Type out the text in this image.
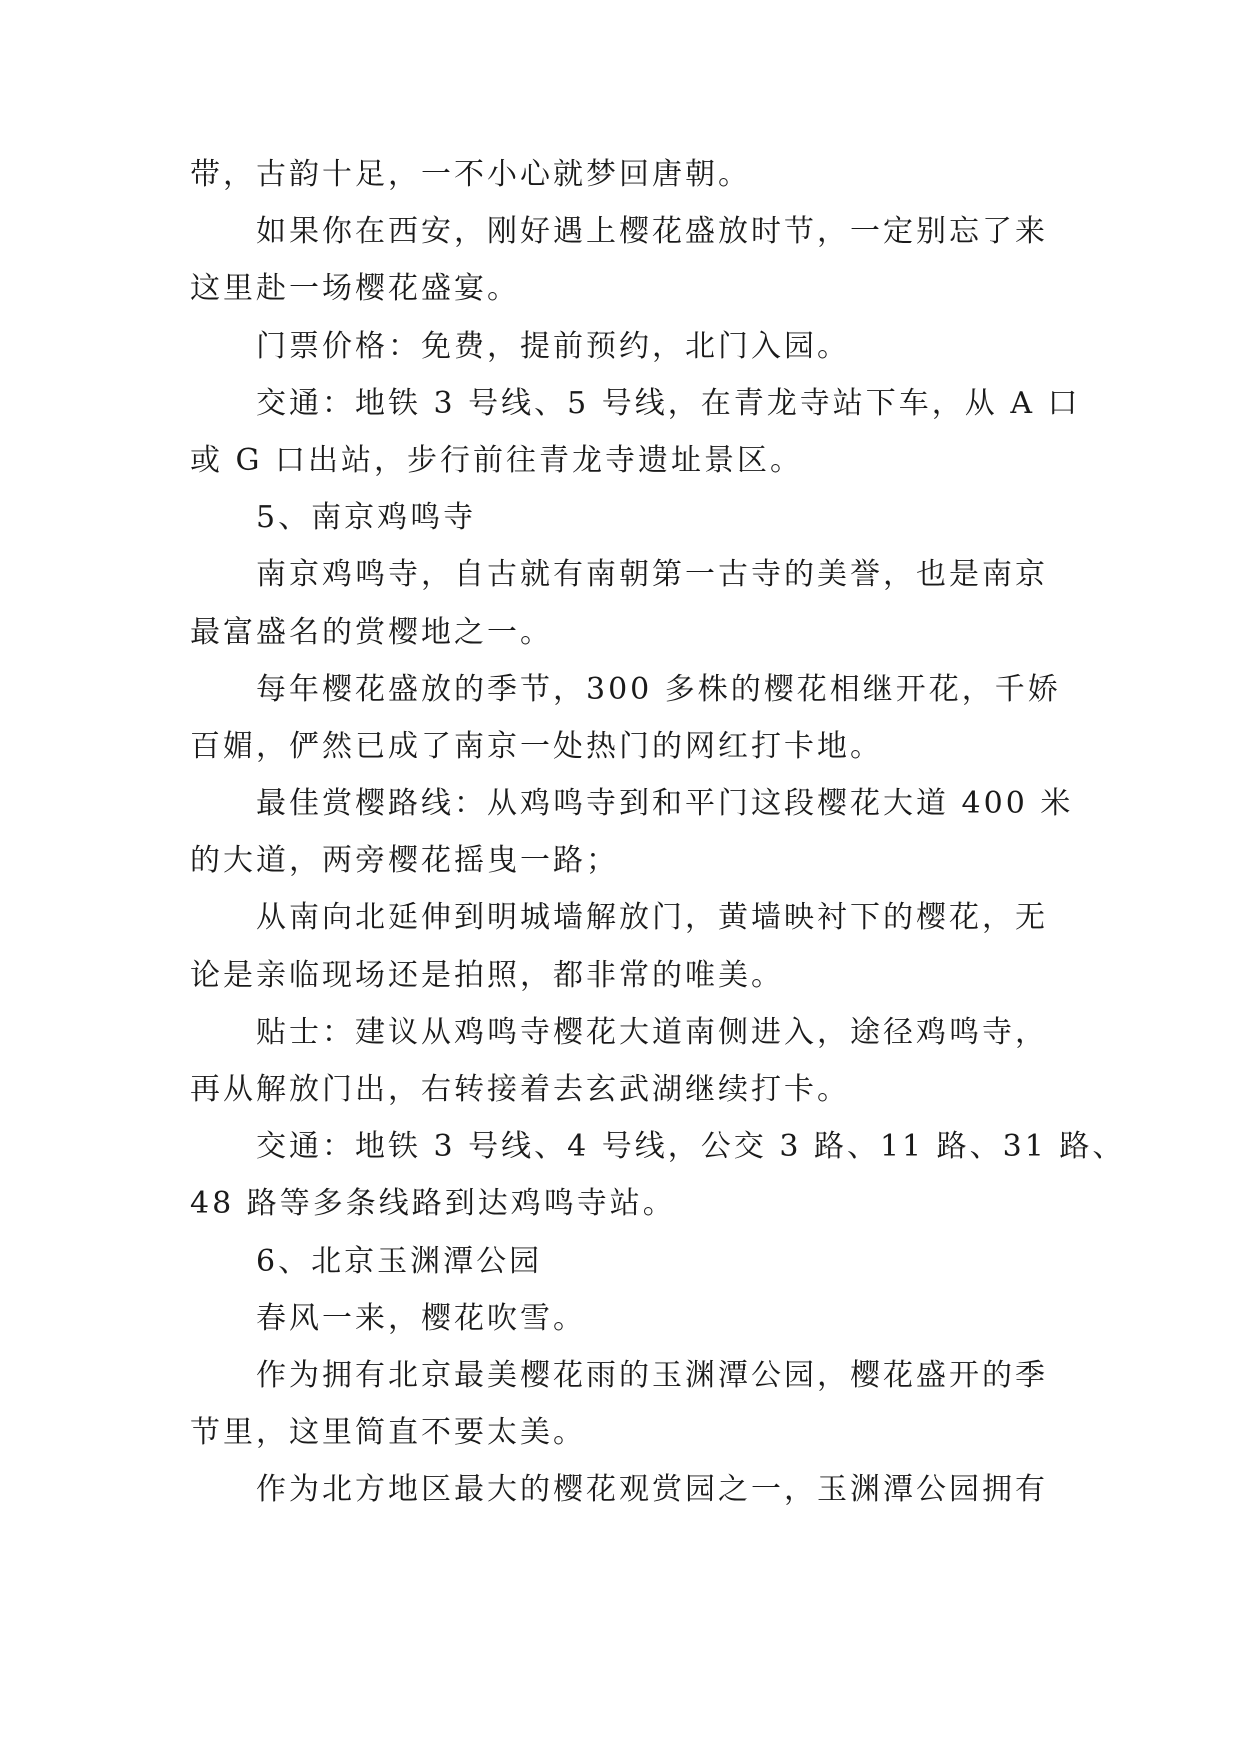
带，古韵十足，一不小心就梦回唐朝。
如果你在西安，刚好遇上樱花盛放时节，一定别忘了来
这里赴一场樱花盛宴。
门票价格：免费，提前预约，北门入园。
交通：地铁 3 号线、5 号线，在青龙寺站下车，从 A 口
或 G 口出站，步行前往青龙寺遗址景区。
5、南京鸡鸣寺
南京鸡鸣寺，自古就有南朝第一古寺的美誉，也是南京
最富盛名的赏樱地之一。
每年樱花盛放的季节，300 多株的樱花相继开花，千娇
百媚，俨然已成了南京一处热门的网红打卡地。
最佳赏樱路线：从鸡鸣寺到和平门这段樱花大道 400 米
的大道，两旁樱花摇曳一路；
从南向北延伸到明城墙解放门，黄墙映衬下的樱花，无
论是亲临现场还是拍照，都非常的唯美。
贴士：建议从鸡鸣寺樱花大道南侧进入，途径鸡鸣寺，
再从解放门出，右转接着去玄武湖继续打卡。
交通：地铁 3 号线、4 号线，公交 3 路、11 路、31 路、
48 路等多条线路到达鸡鸣寺站。
6、北京玉渊潭公园
春风一来，樱花吹雪。
作为拥有北京最美樱花雨的玉渊潭公园，樱花盛开的季
节里，这里简直不要太美。
作为北方地区最大的樱花观赏园之一，玉渊潭公园拥有
